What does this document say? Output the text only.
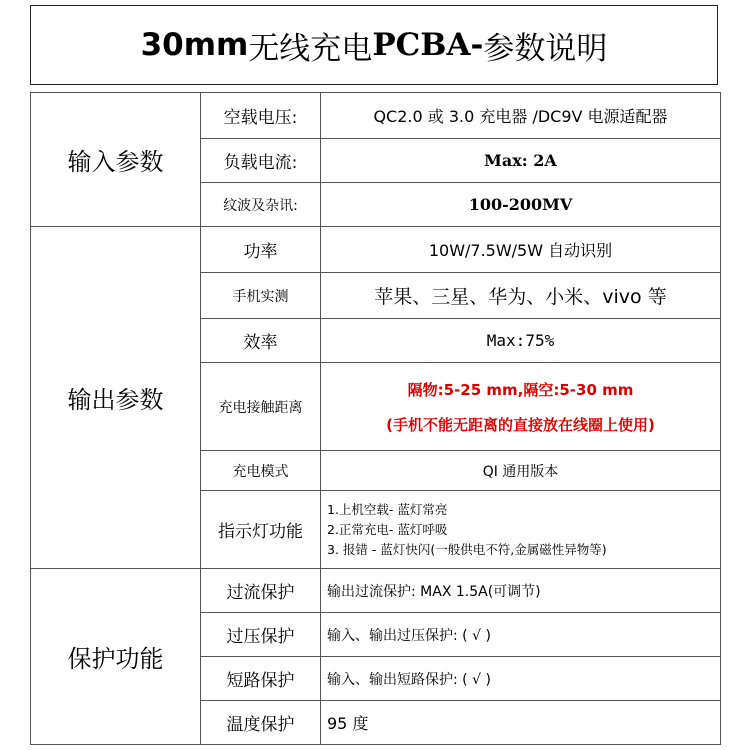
30mm 无线充电 PCBA- 参数说明
输入参数	空载电压:	QC2.0 或 3.0 充电器 /DC9V 电源适配器
	负载电流:	Max: 2A
	纹波及杂讯:	100-200MV
输出参数	功率	10W/7.5W/5W 自动识别
	手机实测	苹果、三星、华为、小米、vivo 等
	效率	Max:75%
	充电接触距离	隔物:5-25 mm,隔空:5-30 mm
(手机不能无距离的直接放在线圈上使用)

	充电模式	QI 通用版本
	指示灯功能	1.上机空载- 蓝灯常亮
2.正常充电- 蓝灯呼吸
3. 报错 - 蓝灯快闪(一般供电不符,金属磁性异物等)

保护功能	过流保护	输出过流保护: MAX 1.5A(可调节)
	过压保护	输入、输出过压保护: ( √ )
	短路保护	输入、输出短路保护: ( √ )
	温度保护	95 度
